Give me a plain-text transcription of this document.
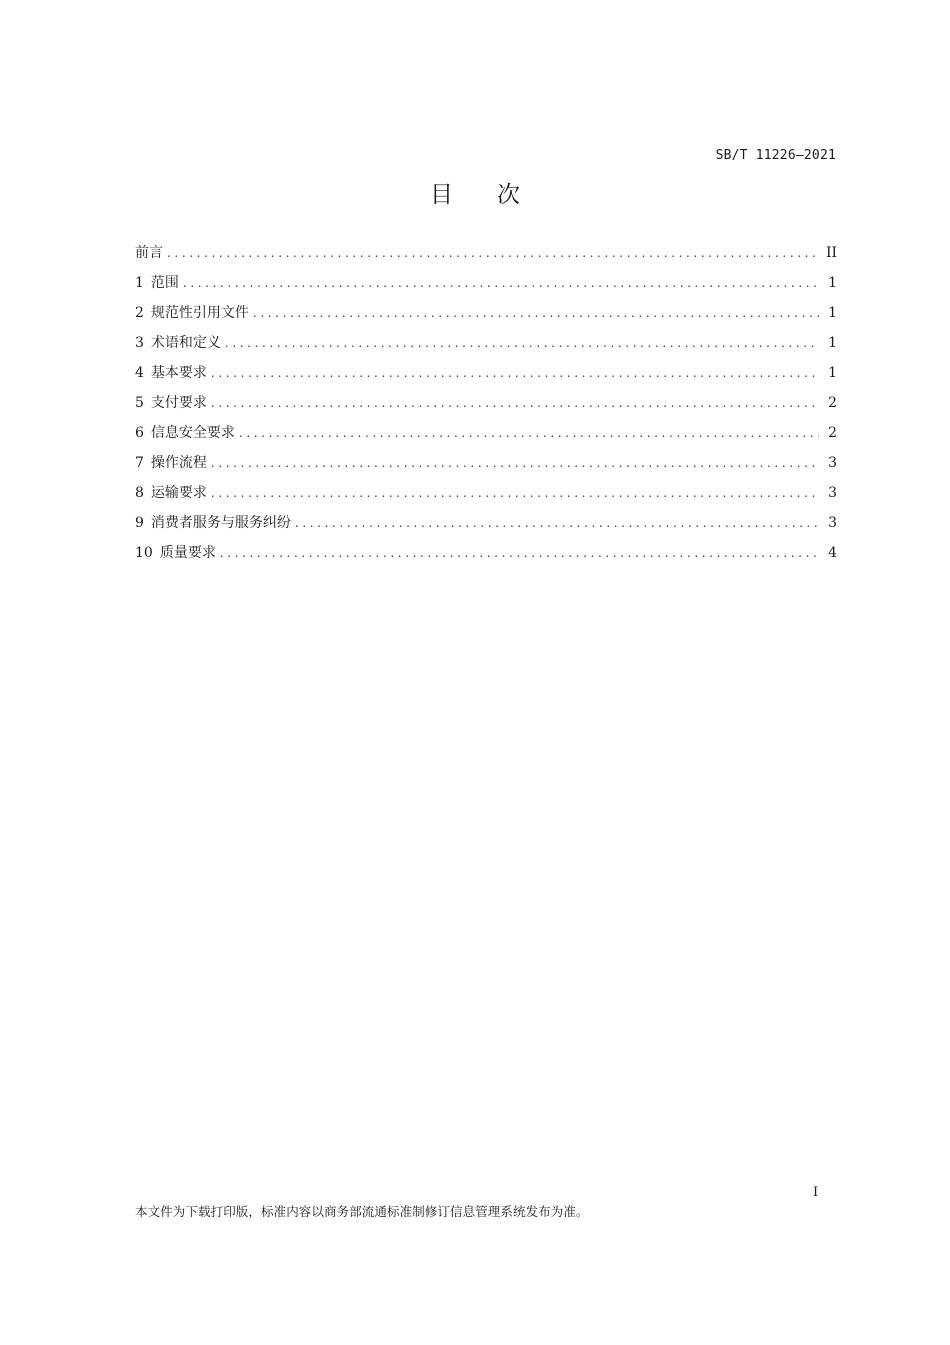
SB/T 11226—2021
目次
前言 .....	II
1 范围 .....	1
2 规范性引用文件 .....	1
3 术语和定义 .....	1
4 基本要求 .....	1
5 支付要求 .....	2
6 信息安全要求 .....	2
7 操作流程 .....	3
8 运输要求 .....	3
9 消费者服务与服务纠纷 .....	3
10 质量要求 .....	4
I
本文件为下载打印版，标准内容以商务部流通标准制修订信息管理系统发布为准。
